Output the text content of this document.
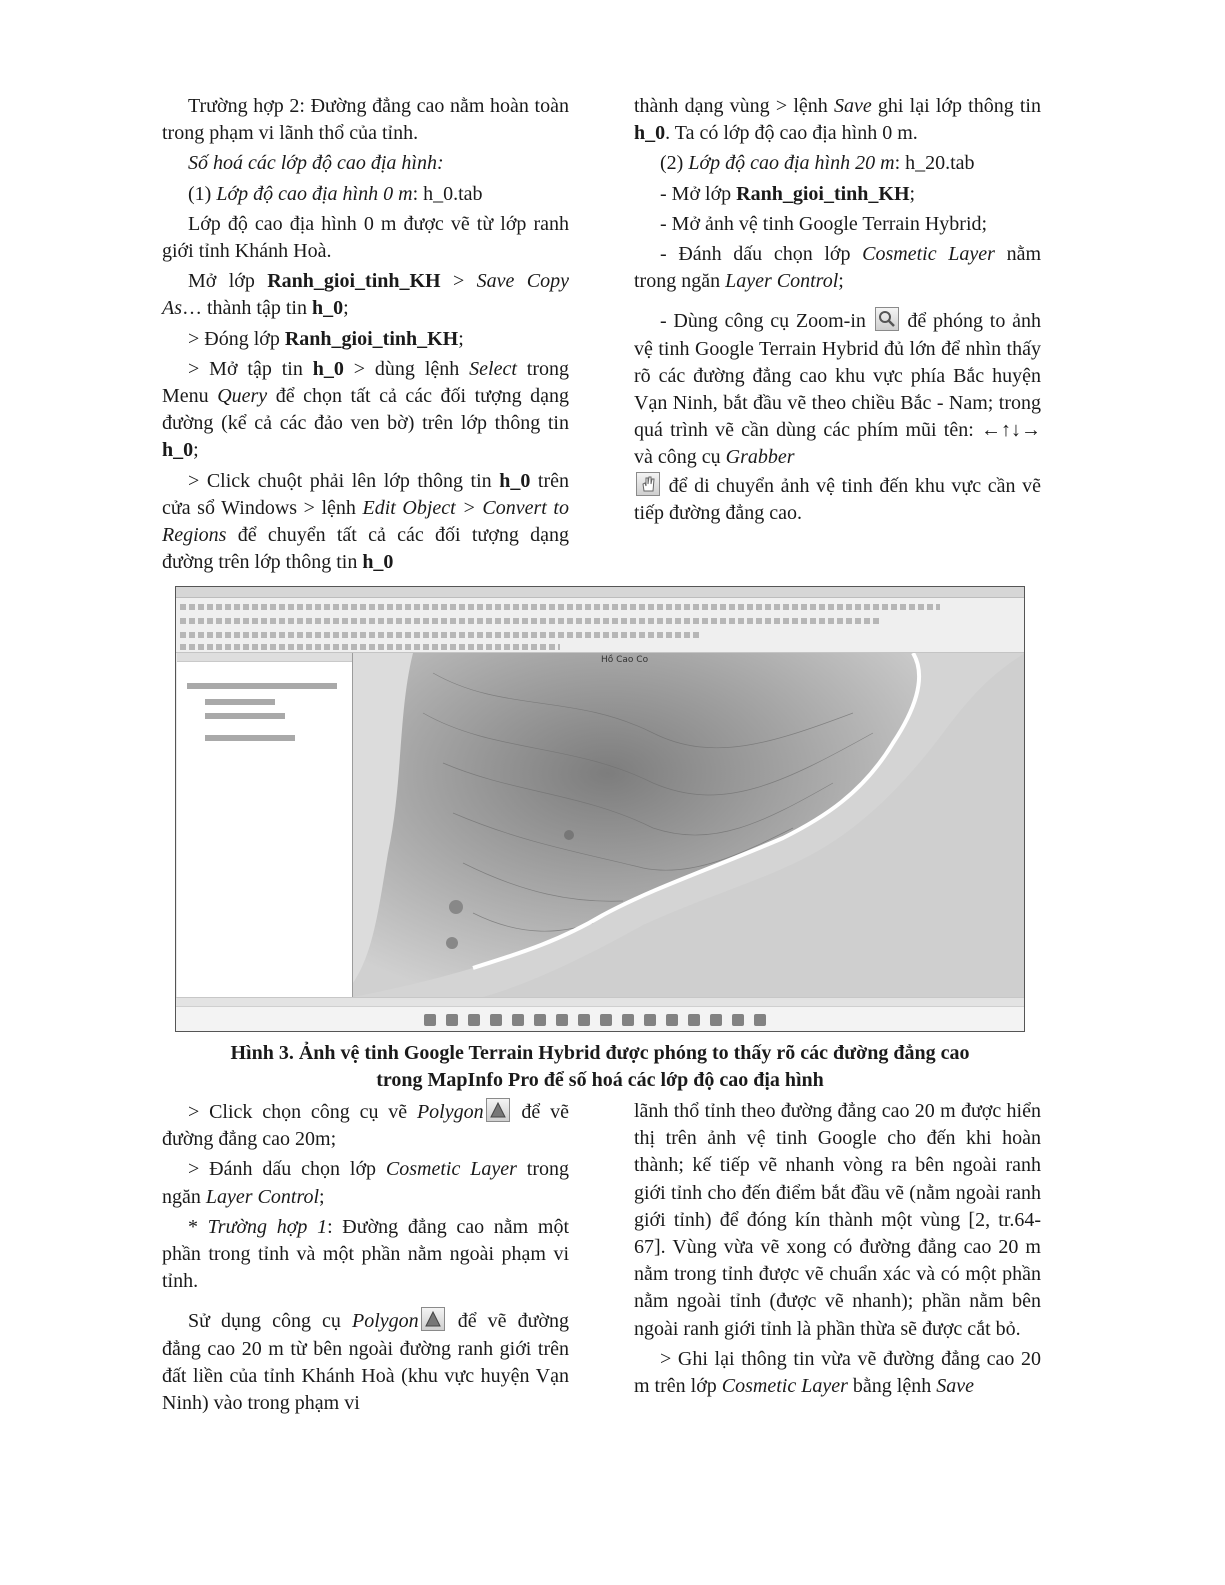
Trường hợp 2: Đường đẳng cao nằm hoàn toàn trong phạm vi lãnh thổ của tỉnh.

Số hoá các lớp độ cao địa hình:

(1) Lớp độ cao địa hình 0 m: h_0.tab

Lớp độ cao địa hình 0 m được vẽ từ lớp ranh giới tỉnh Khánh Hoà.

Mở lớp Ranh_gioi_tinh_KH > Save Copy As… thành tập tin h_0;

> Đóng lớp Ranh_gioi_tinh_KH;

> Mở tập tin h_0 > dùng lệnh Select trong Menu Query để chọn tất cả các đối tượng dạng đường (kể cả các đảo ven bờ) trên lớp thông tin h_0;

> Click chuột phải lên lớp thông tin h_0 trên cửa sổ Windows > lệnh Edit Object > Convert to Regions để chuyển tất cả các đối tượng dạng đường trên lớp thông tin h_0

thành dạng vùng > lệnh Save ghi lại lớp thông tin h_0. Ta có lớp độ cao địa hình 0 m.

(2) Lớp độ cao địa hình 20 m: h_20.tab

- Mở lớp Ranh_gioi_tinh_KH;

- Mở ảnh vệ tinh Google Terrain Hybrid;

- Đánh dấu chọn lớp Cosmetic Layer nằm trong ngăn Layer Control;

- Dùng công cụ Zoom-in
để phóng to ảnh vệ tinh Google Terrain Hybrid đủ lớn để nhìn thấy rõ các đường đẳng cao khu vực phía Bắc huyện Vạn Ninh, bắt đầu vẽ theo chiều Bắc - Nam; trong quá trình vẽ cần dùng các phím mũi tên: ←↑↓→ và công cụ Grabber

để di chuyển ảnh vệ tinh đến khu vực cần vẽ tiếp đường đẳng cao.

Hồ Cao Co
Hình 3. Ảnh vệ tinh Google Terrain Hybrid được phóng to thấy rõ các đường đẳng cao
trong MapInfo Pro để số hoá các lớp độ cao địa hình

> Click chọn công cụ vẽ Polygon
để vẽ đường đẳng cao 20m;

> Đánh dấu chọn lớp Cosmetic Layer trong ngăn Layer Control;

* Trường hợp 1: Đường đẳng cao nằm một phần trong tỉnh và một phần nằm ngoài phạm vi tỉnh.

Sử dụng công cụ Polygon
để vẽ đường đẳng cao 20 m từ bên ngoài đường ranh giới trên đất liền của tỉnh Khánh Hoà (khu vực huyện Vạn Ninh) vào trong phạm vi

lãnh thổ tỉnh theo đường đẳng cao 20 m được hiển thị trên ảnh vệ tinh Google cho đến khi hoàn thành; kế tiếp vẽ nhanh vòng ra bên ngoài ranh giới tỉnh cho đến điểm bắt đầu vẽ (nằm ngoài ranh giới tỉnh) để đóng kín thành một vùng [2, tr.64-67]. Vùng vừa vẽ xong có đường đẳng cao 20 m nằm trong tỉnh được vẽ chuẩn xác và có một phần nằm ngoài tỉnh (được vẽ nhanh); phần nằm bên ngoài ranh giới tỉnh là phần thừa sẽ được cắt bỏ.

> Ghi lại thông tin vừa vẽ đường đẳng cao 20 m trên lớp Cosmetic Layer bằng lệnh Save
